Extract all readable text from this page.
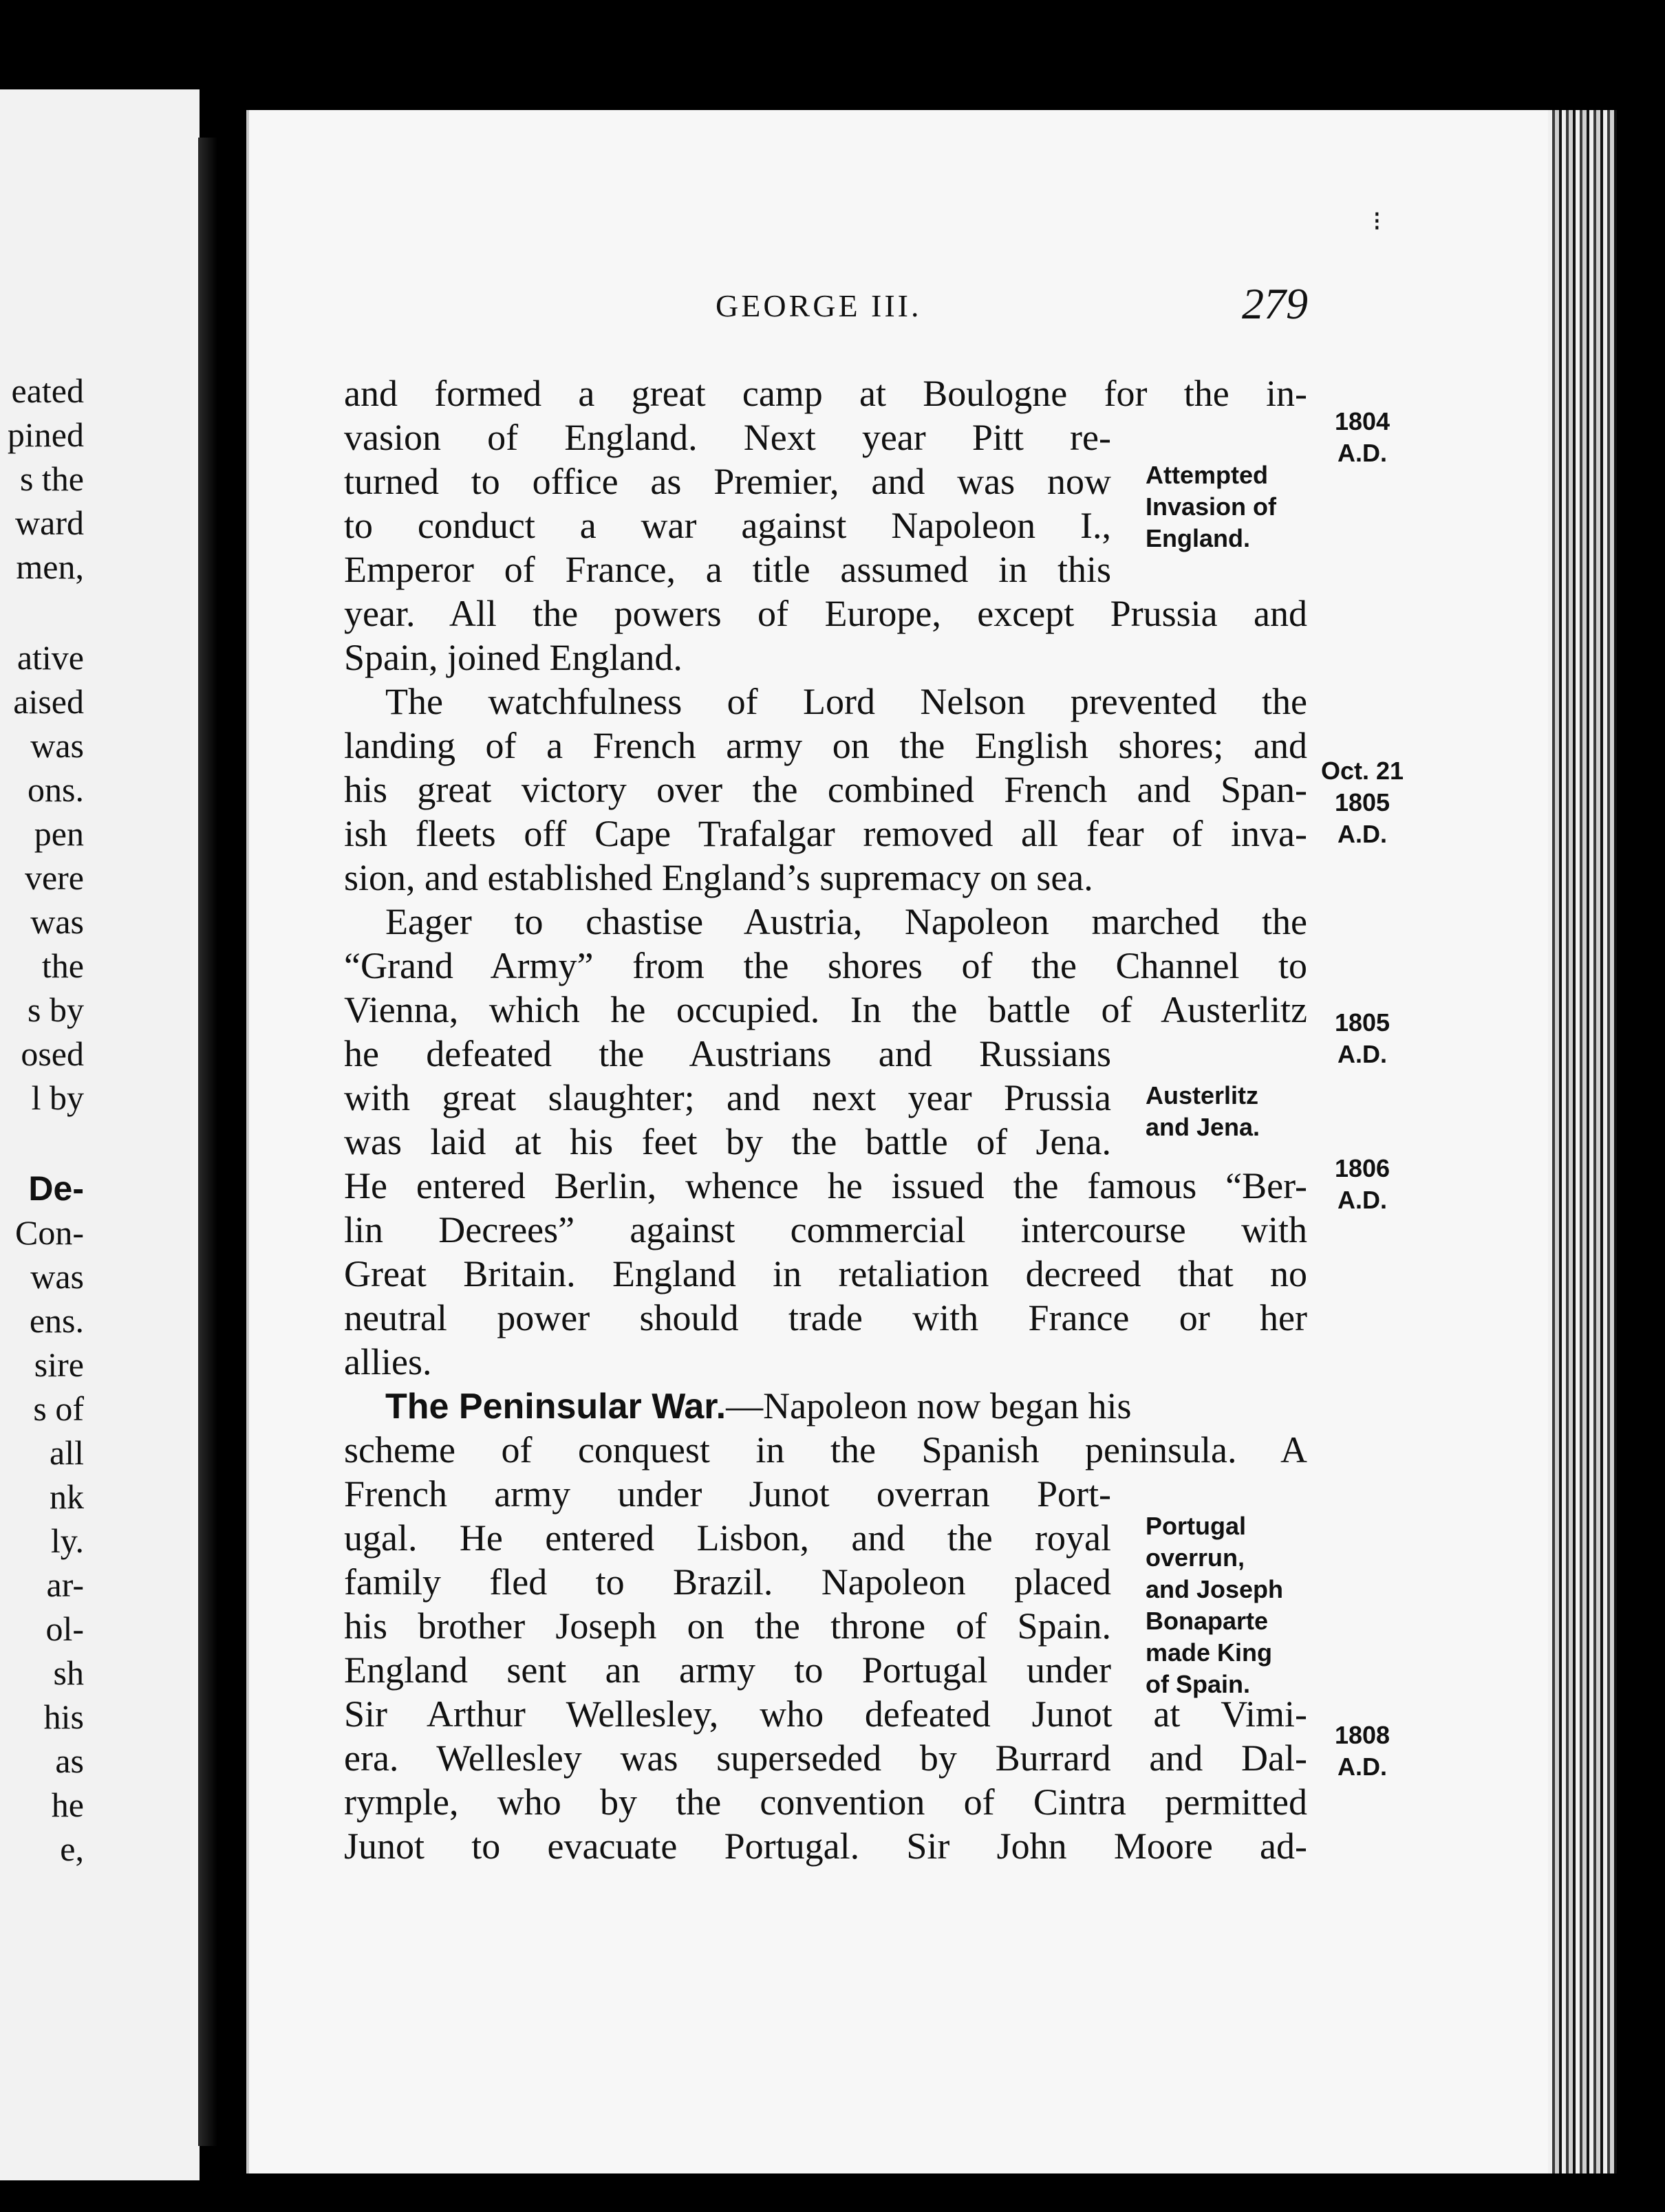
eated
pined
s the
ward
men,
ative
aised
was
ons.
pen
vere
was
the
s by
osed
l by
De-
Con-
was
ens.
sire
s of
all
nk
ly.
ar-
ol-
sh
his
as
he
e,
⁝
GEORGE III.	279
and formed a great camp at Boulogne for the in-
vasion of England. Next year Pitt re-
turned to office as Premier, and was now
to conduct a war against Napoleon I.,
Emperor of France, a title assumed in this
year. All the powers of Europe, except Prussia and
Spain, joined England.
The watchfulness of Lord Nelson prevented the
landing of a French army on the English shores; and
his great victory over the combined French and Span-
ish fleets off Cape Trafalgar removed all fear of inva-
sion, and established England’s supremacy on sea.
Eager to chastise Austria, Napoleon marched the
“Grand Army” from the shores of the Channel to
Vienna, which he occupied. In the battle of Austerlitz
he defeated the Austrians and Russians
with great slaughter; and next year Prussia
was laid at his feet by the battle of Jena.
He entered Berlin, whence he issued the famous “Ber-
lin Decrees” against commercial intercourse with
Great Britain. England in retaliation decreed that no
neutral power should trade with France or her
allies.
The Peninsular War.—Napoleon now began his
scheme of conquest in the Spanish peninsula. A
French army under Junot overran Port-
ugal. He entered Lisbon, and the royal
family fled to Brazil. Napoleon placed
his brother Joseph on the throne of Spain.
England sent an army to Portugal under
Sir Arthur Wellesley, who defeated Junot at Vimi-
era. Wellesley was superseded by Burrard and Dal-
rymple, who by the convention of Cintra permitted
Junot to evacuate Portugal. Sir John Moore ad-
Attempted
Invasion of
England.
Austerlitz
and Jena.
Portugal
overrun,
and Joseph
Bonaparte
made King
of Spain.
1804
A.D.
Oct. 21
1805
A.D.
1805
A.D.
1806
A.D.
1808
A.D.
